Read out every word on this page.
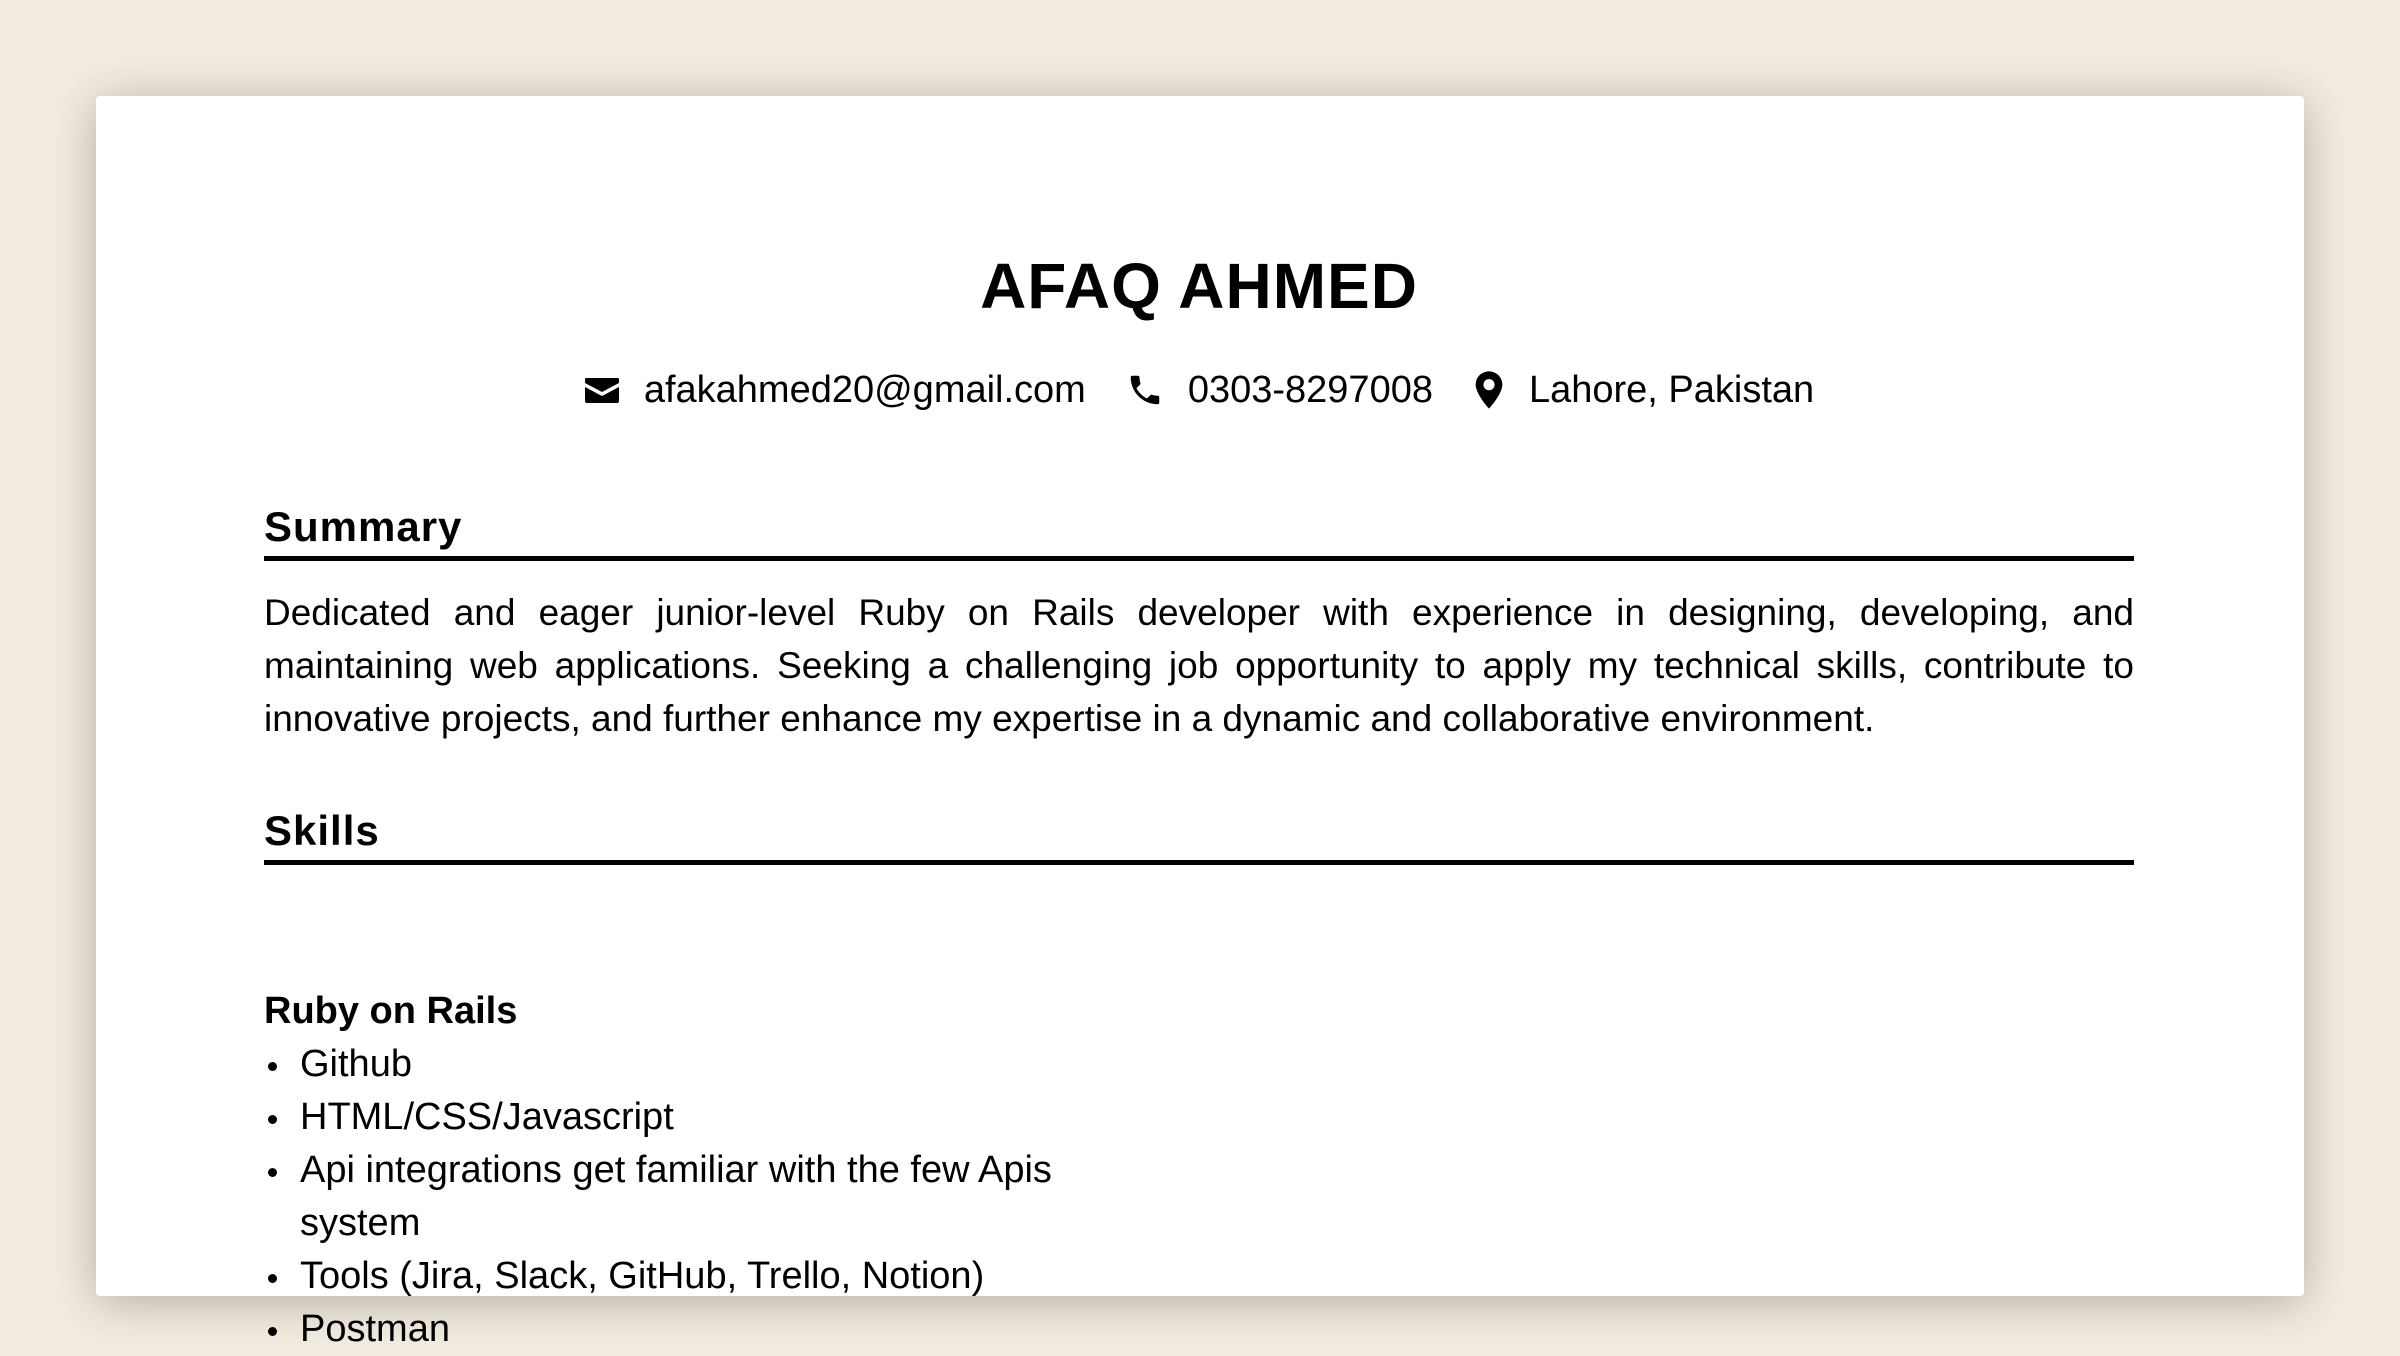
AFAQ AHMED
afakahmed20@gmail.com	0303-8297008	Lahore, Pakistan
Summary
Dedicated and eager junior-level Ruby on Rails developer with experience in designing, developing, and maintaining web applications. Seeking a challenging job opportunity to apply my technical skills, contribute to innovative projects, and further enhance my expertise in a dynamic and collaborative environment.
Skills
Ruby on Rails
Github
HTML/CSS/Javascript
Api integrations get familiar with the few Apis system
Tools (Jira, Slack, GitHub, Trello, Notion)
Postman
